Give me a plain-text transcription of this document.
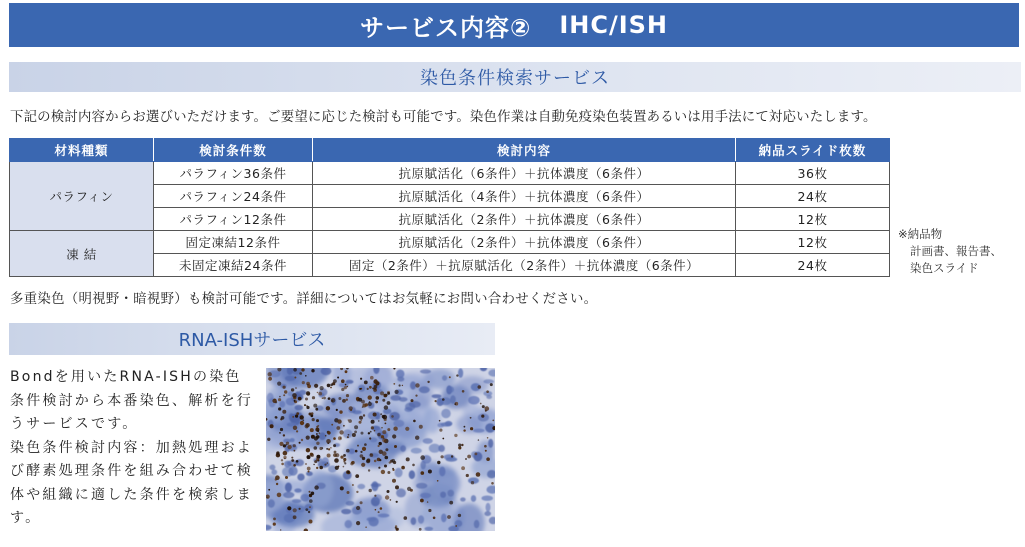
サービス内容② IHC/ISH
染色条件検索サービス
下記の検討内容からお選びいただけます。ご要望に応じた検討も可能です。染色作業は自動免疫染色装置あるいは用手法にて対応いたします。
材料種類	検討条件数	検討内容	納品スライド枚数
パラフィン	パラフィン36条件	抗原賦活化（6条件）＋抗体濃度（6条件）	36枚
	パラフィン24条件	抗原賦活化（4条件）＋抗体濃度（6条件）	24枚
	パラフィン12条件	抗原賦活化（2条件）＋抗体濃度（6条件）	12枚
凍 結	固定凍結12条件	抗原賦活化（2条件）＋抗体濃度（6条件）	12枚
	未固定凍結24条件	固定（2条件）＋抗原賦活化（2条件）＋抗体濃度（6条件）	24枚
※納品物
計画書、報告書、
染色スライド
多重染色（明視野・暗視野）も検討可能です。詳細についてはお気軽にお問い合わせください。
RNA-ISHサービス

Bondを用いたRNA-ISHの染色条件検討から本番染色、解析を行うサービスです。

染色条件検討内容：加熱処理および酵素処理条件を組み合わせて検体や組織に適した条件を検索します。
